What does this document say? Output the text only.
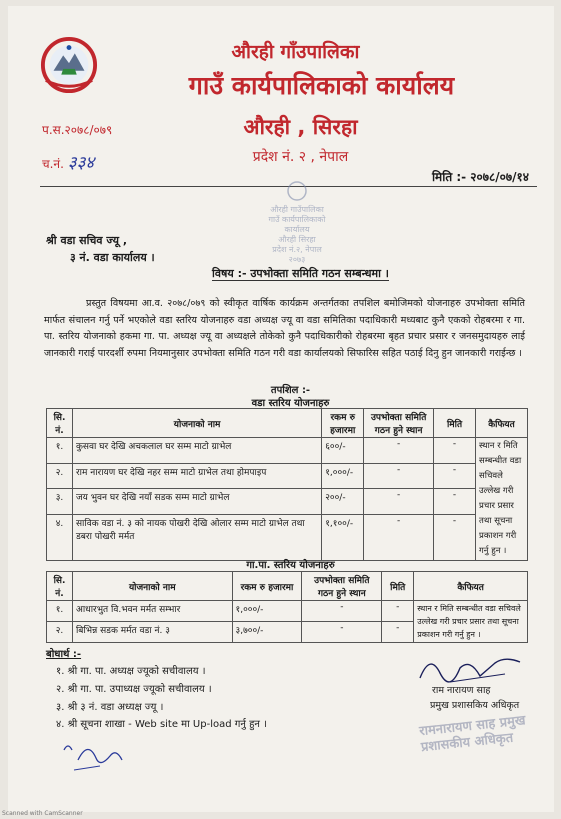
औरही गाँउपालिका
गाउँ कार्यपालिकाको कार्यालय
औरही , सिरहा
प्रदेश नं. २ , नेपाल
प.स.२०७८/०७९
च.नं. ३३४
मिति :- २०७८/०७/१४
औरही गाउँपालिका
गाउँ कार्यपालिकाको
कार्यालय
औरही सिरहा
प्रदेश नं.२, नेपाल
२०७३
श्री वडा सचिव ज्यू ,
३ नं. वडा कार्यालय ।
विषय :- उपभोक्ता समिति गठन सम्बन्धमा ।
प्रस्तुत विषयमा आ.व. २०७८/०७९ को स्वीकृत वार्षिक कार्यक्रम अन्तर्गतका तपशिल बमोजिमको योजनाहरु उपभोक्ता समिति मार्फत संचालन गर्नु पर्ने भएकोले वडा स्तरिय योजनाहरु वडा अध्यक्ष ज्यू वा वडा समितिका पदाधिकारी मध्यबाट कुनै एकको रोहबरमा र गा. पा. स्तरिय योजनाको हकमा गा. पा. अध्यक्ष ज्यू वा अध्यक्षले तोकेको कुनै पदाधिकारीको रोहबरमा बृहत प्रचार प्रसार र जनसमुदायहरु लाई जानकारी गराई पारदर्शी रुपमा नियमानुसार उपभोक्ता समिति गठन गरी वडा कार्यालयको सिफारिस सहित पठाई दिनु हुन जानकारी गराईन्छ ।
तपशिल :-
वडा स्तरिय योजनाहरु
सि. नं.	योजनाको नाम	रकम रु हजारमा	उपभोक्ता समिति गठन हुने स्थान	मिति	कैफियत
१.	कुसवा घर देखि अचकलाल घर सम्म माटो ग्राभेल	६००/-	-	-	स्थान र मिति सम्बन्धीत वडा सचिवले उल्लेख गरी प्रचार प्रसार तथा सूचना प्रकाशन गरी गर्नु हुन ।
२.	राम नारायण घर देखि नहर सम्म माटो ग्राभेल तथा होमपाइप	१,०००/-	-	-	
३.	जय भुवन घर देखि नयाँ सडक सम्म माटो ग्राभेल	२००/-	-	-	
४.	साविक वडा नं. ३ को नायक पोखरी देखि ओलार सम्म माटो ग्राभेल तथा डबरा पोखरी मर्मत	१,१००/-	-	-	
गा.पा. स्तरिय योजनाहरु
सि. नं.	योजनाको नाम	रकम रु हजारमा	उपभोक्ता समिति गठन हुने स्थान	मिति	कैफियत
१.	आधारभुत वि.भवन मर्मत सम्भार	१,०००/-	-	-	स्थान र मिति सम्बन्धीत वडा सचिवले उल्लेख गरी प्रचार प्रसार तथा सूचना प्रकाशन गरी गर्नु हुन ।
२.	बिभिन्न सडक मर्मत वडा नं. ३	३,७००/-	-	-	
बोधार्थ :-
१. श्री गा. पा. अध्यक्ष ज्यूको सचीवालय ।
२. श्री गा. पा. उपाध्यक्ष ज्यूको सचीवालय ।
३. श्री ३ नं. वडा अध्यक्ष ज्यू ।
४. श्री सूचना शाखा - Web site मा Up-load गर्नु हुन ।
राम नारायण साह
प्रमुख प्रशासकिय अधिकृत
रामनारायण साह प्रमुख प्रशासकीय अधिकृत
Scanned with CamScanner
